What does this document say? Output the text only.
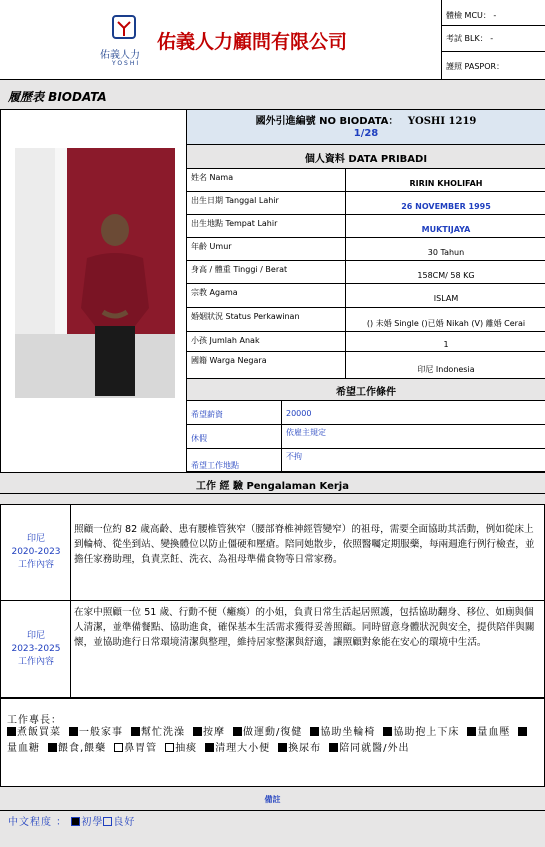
佑義人力
YOSHI
佑義人力顧問有限公司
體檢 MCU： -
考試 BLK： -
護照 PASPOR：
履歷表 BIODATA
國外引進編號 NO BIODATA： YOSHI 1219
1/28
個人資料 DATA PRIBADI
姓名 Nama
RIRIN KHOLIFAH
出生日期 Tanggal Lahir
26 NOVEMBER 1995
出生地點 Tempat Lahir
MUKTIJAYA
年齡 Umur
30 Tahun
身高 / 體重 Tinggi / Berat
158CM/ 58 KG
宗教 Agama
ISLAM
婚姻狀況 Status Perkawinan
() 未婚 Single ()已婚 Nikah (V) 離婚 Cerai
小孩 Jumlah Anak	1
國籍 Warga Negara
印尼 Indonesia
希望工作條件
希望薪資	20000
休假
依雇主規定
希望工作地點
不拘
工作 經 驗 Pengalaman Kerja
印尼
2020-2023
工作內容
照顧一位約 82 歲高齡、患有腰椎管狹窄（腰部脊椎神經管變窄）的祖母，需要全面協助其活動，例如從床上到輪椅、從坐到站、變換體位以防止僵硬和壓瘡。陪同她散步，依照醫囑定期服藥，每兩週進行例行檢查，並擔任家務助理，負責烹飪、洗衣、為祖母準備食物等日常家務。
印尼
2023-2025
工作內容
在家中照顧一位 51 歲、行動不便（癱瘓）的小姐，負責日常生活起居照護，包括協助翻身、移位、如廁與個人清潔，並準備餐點、協助進食，確保基本生活需求獲得妥善照顧。同時留意身體狀況與安全，提供陪伴與關懷，並協助進行日常環境清潔與整理，維持居家整潔與舒適，讓照顧對象能在安心的環境中生活。
工作專長：
煮飯買菜 一般家事 幫忙洗澡 按摩 做運動/復健 協助坐輪椅 協助抱上下床 量血壓量血糖 餵食,餵藥 鼻胃管 抽痰 清理大小便 換尿布 陪同就醫/外出
備註
中文程度 ： 初學 良好
